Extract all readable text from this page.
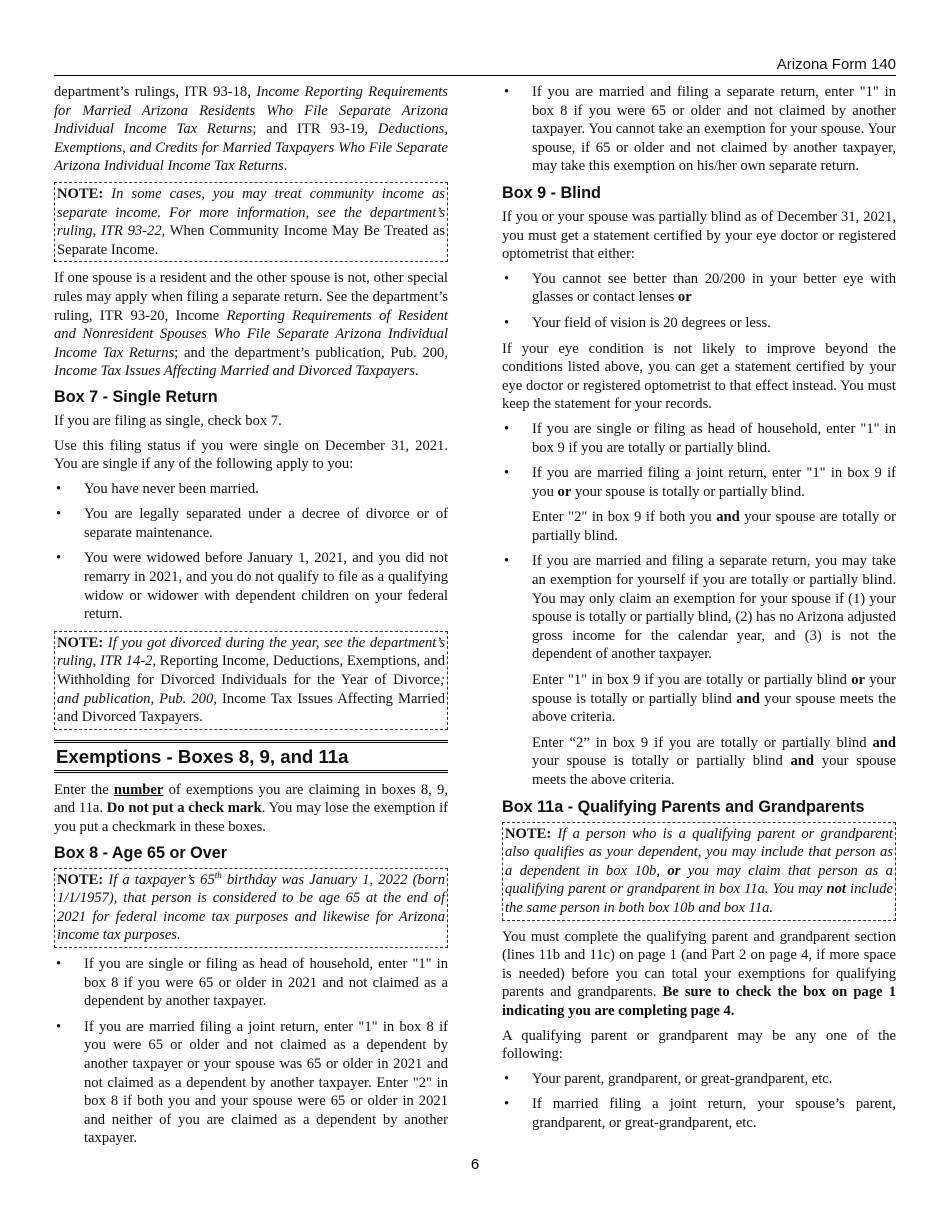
Arizona Form 140

department’s rulings, ITR 93-18, Income Reporting Requirements for Married Arizona Residents Who File Separate Arizona Individual Income Tax Returns; and ITR 93-19, Deductions, Exemptions, and Credits for Married Taxpayers Who File Separate Arizona Individual Income Tax Returns.

NOTE: In some cases, you may treat community income as separate income. For more information, see the department’s ruling, ITR 93-22, When Community Income May Be Treated as Separate Income.

If one spouse is a resident and the other spouse is not, other special rules may apply when filing a separate return. See the department’s ruling, ITR 93-20, Income Reporting Requirements of Resident and Nonresident Spouses Who File Separate Arizona Individual Income Tax Returns; and the department’s publication, Pub. 200, Income Tax Issues Affecting Married and Divorced Taxpayers.

Box 7 - Single Return

If you are filing as single, check box 7.

Use this filing status if you were single on December 31, 2021. You are single if any of the following apply to you:

• You have never been married.
• You are legally separated under a decree of divorce or of separate maintenance.
• You were widowed before January 1, 2021, and you did not remarry in 2021, and you do not qualify to file as a qualifying widow or widower with dependent children on your federal return.
NOTE: If you got divorced during the year, see the department’s ruling, ITR 14-2, Reporting Income, Deductions, Exemptions, and Withholding for Divorced Individuals for the Year of Divorce; and publication, Pub. 200, Income Tax Issues Affecting Married and Divorced Taxpayers.
Exemptions - Boxes 8, 9, and 11a

Enter the number of exemptions you are claiming in boxes 8, 9, and 11a. Do not put a check mark. You may lose the exemption if you put a checkmark in these boxes.

Box 8 - Age 65 or Over
NOTE: If a taxpayer’s 65th birthday was January 1, 2022 (born 1/1/1957), that person is considered to be age 65 at the end of 2021 for federal income tax purposes and likewise for Arizona income tax purposes.
• If you are single or filing as head of household, enter "1" in box 8 if you were 65 or older in 2021 and not claimed as a dependent by another taxpayer.
• If you are married filing a joint return, enter "1" in box 8 if you were 65 or older and not claimed as a dependent by another taxpayer or your spouse was 65 or older in 2021 and not claimed as a dependent by another taxpayer. Enter "2" in box 8 if both you and your spouse were 65 or older in 2021 and neither of you are claimed as a dependent by another taxpayer.
• If you are married and filing a separate return, enter "1" in box 8 if you were 65 or older and not claimed by another taxpayer. You cannot take an exemption for your spouse. Your spouse, if 65 or older and not claimed by another taxpayer, may take this exemption on his/her own separate return.
Box 9 - Blind

If you or your spouse was partially blind as of December 31, 2021, you must get a statement certified by your eye doctor or registered optometrist that either:

• You cannot see better than 20/200 in your better eye with glasses or contact lenses or
• Your field of vision is 20 degrees or less.

If your eye condition is not likely to improve beyond the conditions listed above, you can get a statement certified by your eye doctor or registered optometrist to that effect instead. You must keep the statement for your records.

• If you are single or filing as head of household, enter "1" in box 9 if you are totally or partially blind.
• If you are married filing a joint return, enter "1" in box 9 if you or your spouse is totally or partially blind.

Enter "2" in box 9 if both you and your spouse are totally or partially blind.

• If you are married and filing a separate return, you may take an exemption for yourself if you are totally or partially blind. You may only claim an exemption for your spouse if (1) your spouse is totally or partially blind, (2) has no Arizona adjusted gross income for the calendar year, and (3) is not the dependent of another taxpayer.

Enter "1" in box 9 if you are totally or partially blind or your spouse is totally or partially blind and your spouse meets the above criteria.

Enter “2” in box 9 if you are totally or partially blind and your spouse is totally or partially blind and your spouse meets the above criteria.

Box 11a - Qualifying Parents and Grandparents
NOTE: If a person who is a qualifying parent or grandparent also qualifies as your dependent, you may include that person as a dependent in box 10b, or you may claim that person as a qualifying parent or grandparent in box 11a. You may not include the same person in both box 10b and box 11a.

You must complete the qualifying parent and grandparent section (lines 11b and 11c) on page 1 (and Part 2 on page 4, if more space is needed) before you can total your exemptions for qualifying parents and grandparents. Be sure to check the box on page 1 indicating you are completing page 4.

A qualifying parent or grandparent may be any one of the following:

• Your parent, grandparent, or great-grandparent, etc.
• If married filing a joint return, your spouse’s parent, grandparent, or great-grandparent, etc.
6
